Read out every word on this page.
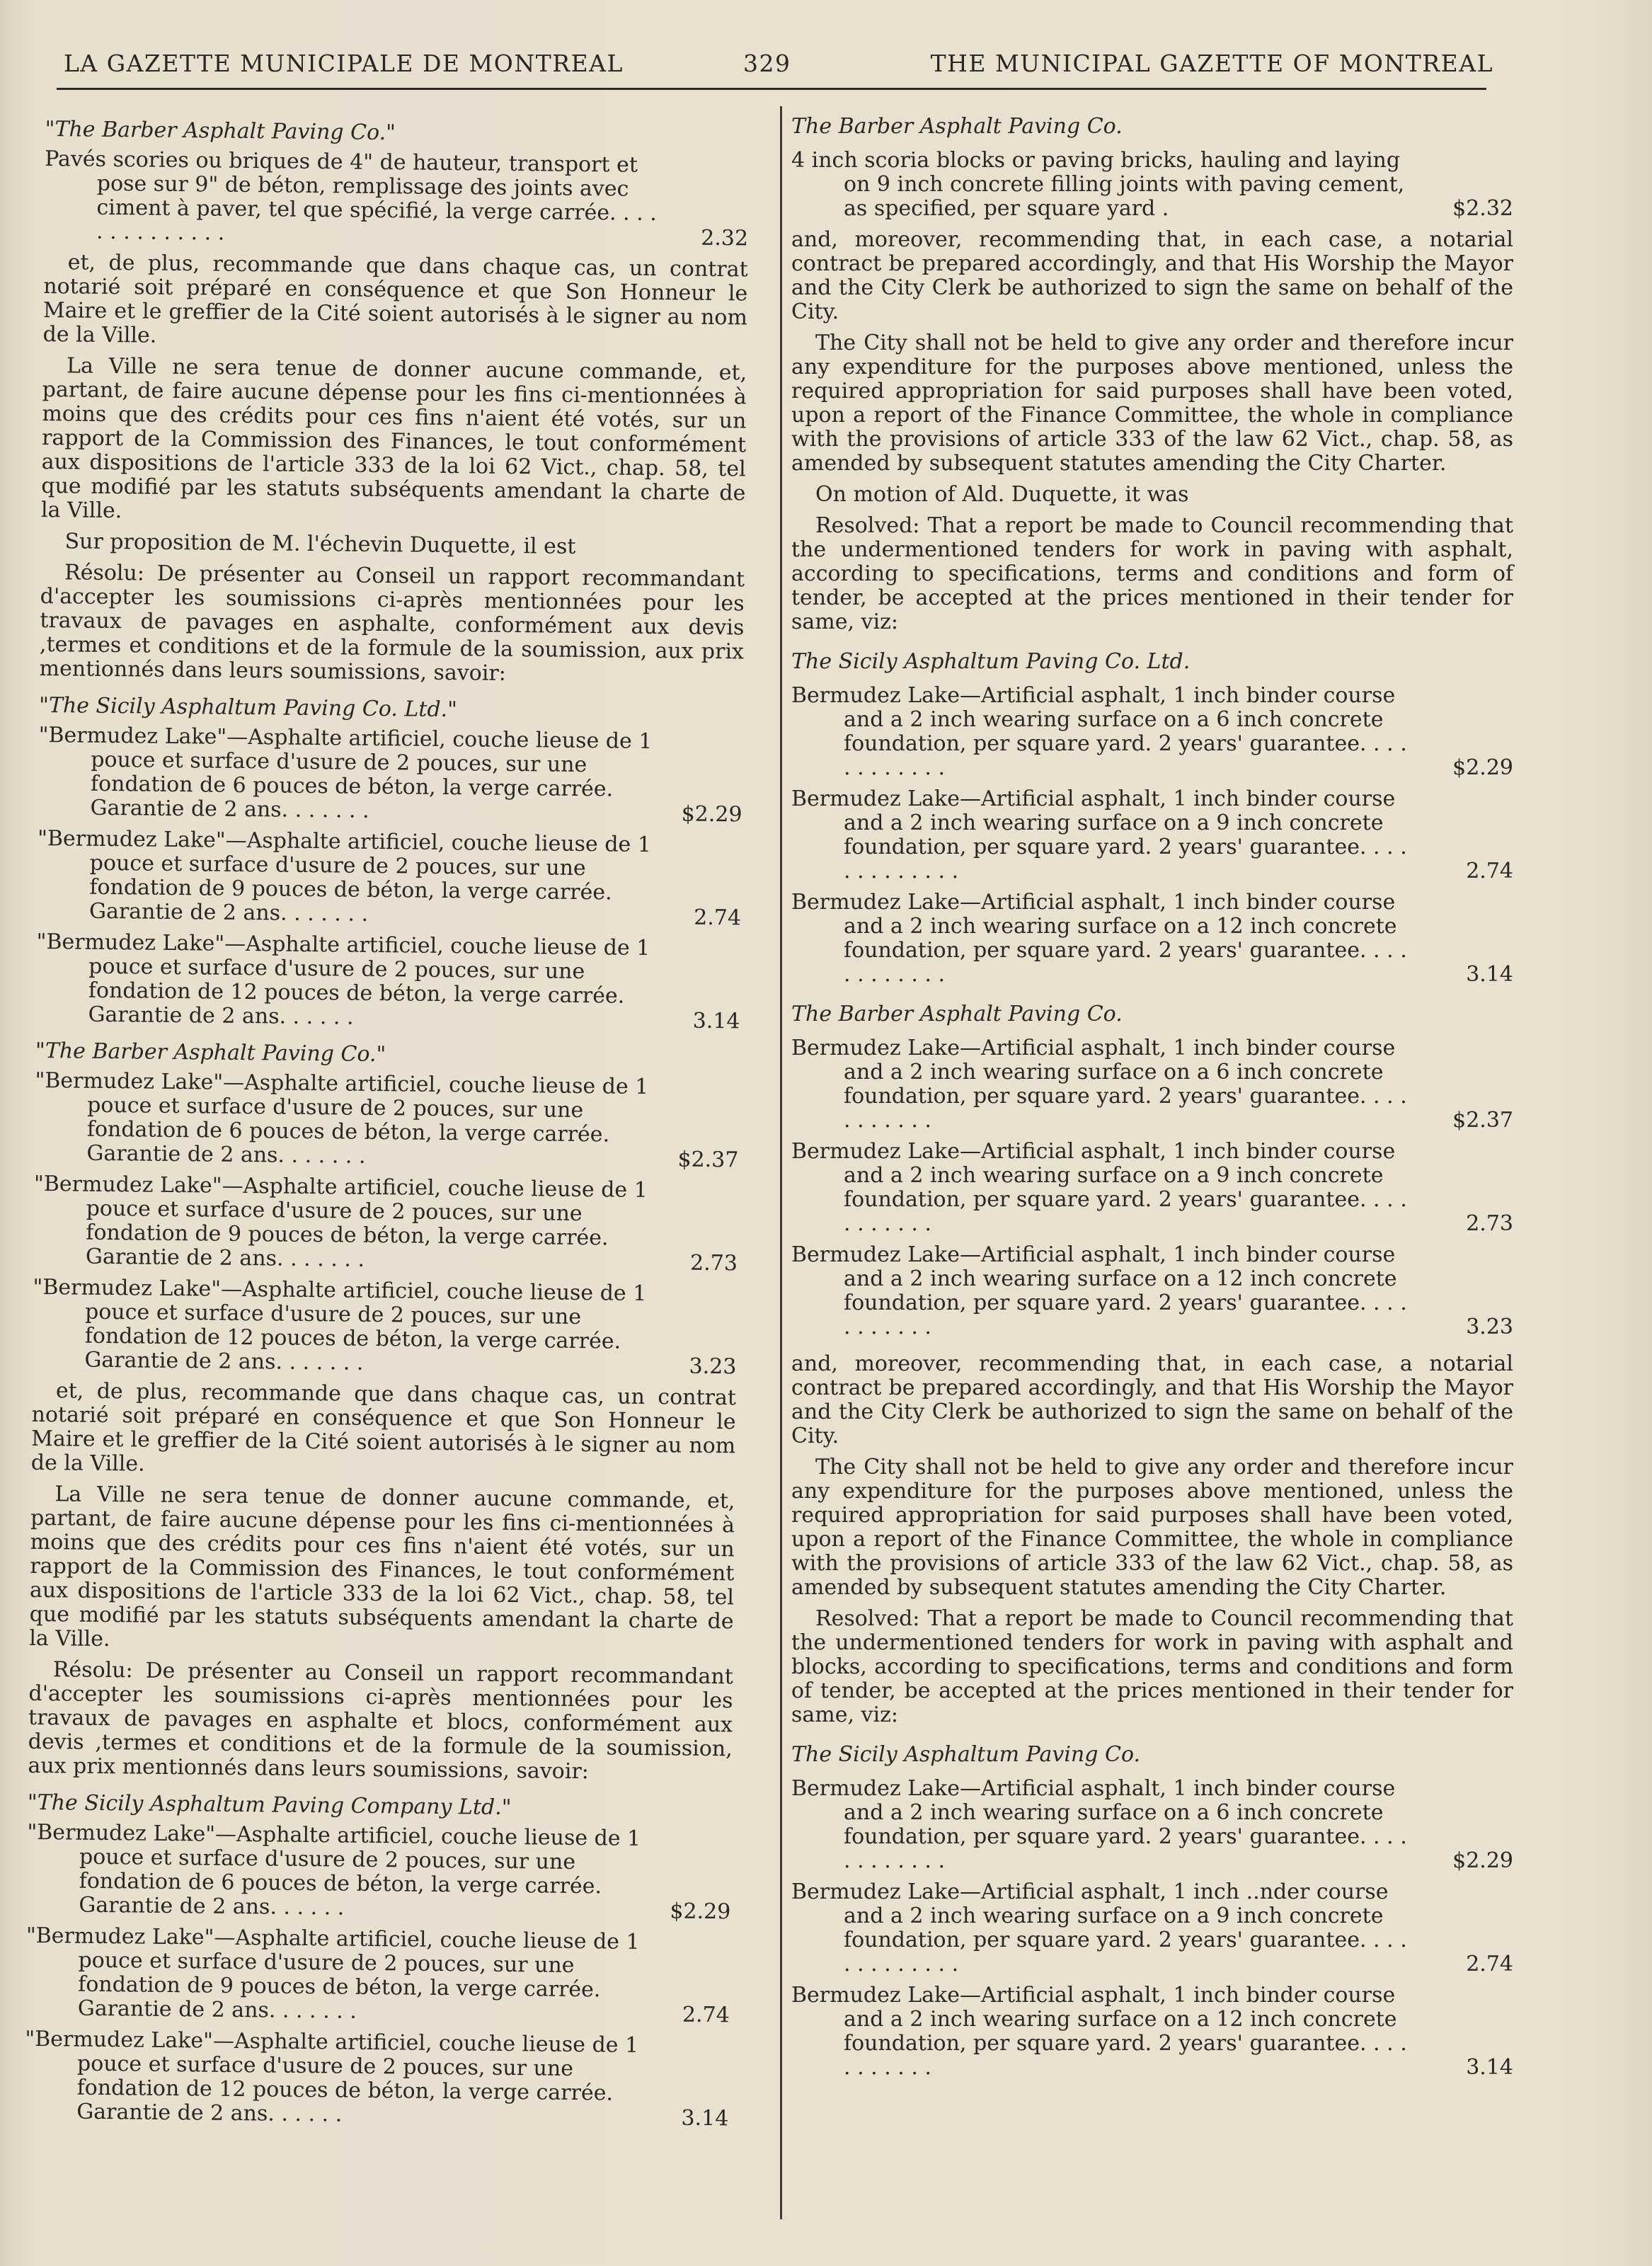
LA GAZETTE MUNICIPALE DE MONTREAL	329	THE MUNICIPAL GAZETTE OF MONTREAL

"The Barber Asphalt Paving Co."

Pavés scories ou briques de 4" de hauteur, transport et pose sur 9" de béton, remplissage des joints avec ciment à paver, tel que spécifié, la verge carrée. . . . . . . . . . . . . .	2.32

et, de plus, recommande que dans chaque cas, un contrat notarié soit préparé en conséquence et que Son Honneur le Maire et le greffier de la Cité soient autorisés à le signer au nom de la Ville.

La Ville ne sera tenue de donner aucune commande, et, partant, de faire aucune dépense pour les fins ci-mentionnées à moins que des crédits pour ces fins n'aient été votés, sur un rapport de la Commission des Finances, le tout conformément aux dispositions de l'article 333 de la loi 62 Vict., chap. 58, tel que modifié par les statuts subséquents amendant la charte de la Ville.

Sur proposition de M. l'échevin Duquette, il est

Résolu: De présenter au Conseil un rapport recommandant d'accepter les soumissions ci-après mentionnées pour les travaux de pavages en asphalte, conformément aux devis ,termes et conditions et de la formule de la soumission, aux prix mentionnés dans leurs soumissions, savoir:

"The Sicily Asphaltum Paving Co. Ltd."

"Bermudez Lake"—Asphalte artificiel, couche lieuse de 1 pouce et surface d'usure de 2 pouces, sur une fondation de 6 pouces de béton, la verge carrée. Garantie de 2 ans. . . . . . .	$2.29
"Bermudez Lake"—Asphalte artificiel, couche lieuse de 1 pouce et surface d'usure de 2 pouces, sur une fondation de 9 pouces de béton, la verge carrée. Garantie de 2 ans. . . . . . .	2.74
"Bermudez Lake"—Asphalte artificiel, couche lieuse de 1 pouce et surface d'usure de 2 pouces, sur une fondation de 12 pouces de béton, la verge carrée. Garantie de 2 ans. . . . . .	3.14

"The Barber Asphalt Paving Co."

"Bermudez Lake"—Asphalte artificiel, couche lieuse de 1 pouce et surface d'usure de 2 pouces, sur une fondation de 6 pouces de béton, la verge carrée. Garantie de 2 ans. . . . . . .	$2.37
"Bermudez Lake"—Asphalte artificiel, couche lieuse de 1 pouce et surface d'usure de 2 pouces, sur une fondation de 9 pouces de béton, la verge carrée. Garantie de 2 ans. . . . . . .	2.73
"Bermudez Lake"—Asphalte artificiel, couche lieuse de 1 pouce et surface d'usure de 2 pouces, sur une fondation de 12 pouces de béton, la verge carrée. Garantie de 2 ans. . . . . . .	3.23

et, de plus, recommande que dans chaque cas, un contrat notarié soit préparé en conséquence et que Son Honneur le Maire et le greffier de la Cité soient autorisés à le signer au nom de la Ville.

La Ville ne sera tenue de donner aucune commande, et, partant, de faire aucune dépense pour les fins ci-mentionnées à moins que des crédits pour ces fins n'aient été votés, sur un rapport de la Commission des Finances, le tout conformément aux dispositions de l'article 333 de la loi 62 Vict., chap. 58, tel que modifié par les statuts subséquents amendant la charte de la Ville.

Résolu: De présenter au Conseil un rapport recommandant d'accepter les soumissions ci-après mentionnées pour les travaux de pavages en asphalte et blocs, conformément aux devis ,termes et conditions et de la formule de la soumission, aux prix mentionnés dans leurs soumissions, savoir:

"The Sicily Asphaltum Paving Company Ltd."

"Bermudez Lake"—Asphalte artificiel, couche lieuse de 1 pouce et surface d'usure de 2 pouces, sur une fondation de 6 pouces de béton, la verge carrée. Garantie de 2 ans. . . . . .	$2.29
"Bermudez Lake"—Asphalte artificiel, couche lieuse de 1 pouce et surface d'usure de 2 pouces, sur une fondation de 9 pouces de béton, la verge carrée. Garantie de 2 ans. . . . . . .	2.74
"Bermudez Lake"—Asphalte artificiel, couche lieuse de 1 pouce et surface d'usure de 2 pouces, sur une fondation de 12 pouces de béton, la verge carrée. Garantie de 2 ans. . . . . .	3.14

The Barber Asphalt Paving Co.

4 inch scoria blocks or paving bricks, hauling and laying on 9 inch concrete filling joints with paving cement, as specified, per square yard .	$2.32

and, moreover, recommending that, in each case, a notarial contract be prepared accordingly, and that His Worship the Mayor and the City Clerk be authorized to sign the same on behalf of the City.

The City shall not be held to give any order and therefore incur any expenditure for the purposes above mentioned, unless the required appropriation for said purposes shall have been voted, upon a report of the Finance Committee, the whole in compliance with the provisions of article 333 of the law 62 Vict., chap. 58, as amended by subsequent statutes amending the City Charter.

On motion of Ald. Duquette, it was

Resolved: That a report be made to Council recommending that the undermentioned tenders for work in paving with asphalt, according to specifications, terms and conditions and form of tender, be accepted at the prices mentioned in their tender for same, viz:

The Sicily Asphaltum Paving Co. Ltd.

Bermudez Lake—Artificial asphalt, 1 inch binder course and a 2 inch wearing surface on a 6 inch concrete foundation, per square yard. 2 years' guarantee. . . . . . . . . . . .	$2.29
Bermudez Lake—Artificial asphalt, 1 inch binder course and a 2 inch wearing surface on a 9 inch concrete foundation, per square yard. 2 years' guarantee. . . . . . . . . . . . .	2.74
Bermudez Lake—Artificial asphalt, 1 inch binder course and a 2 inch wearing surface on a 12 inch concrete foundation, per square yard. 2 years' guarantee. . . . . . . . . . . .	3.14

The Barber Asphalt Paving Co.

Bermudez Lake—Artificial asphalt, 1 inch binder course and a 2 inch wearing surface on a 6 inch concrete foundation, per square yard. 2 years' guarantee. . . . . . . . . . .	$2.37
Bermudez Lake—Artificial asphalt, 1 inch binder course and a 2 inch wearing surface on a 9 inch concrete foundation, per square yard. 2 years' guarantee. . . . . . . . . . .	2.73
Bermudez Lake—Artificial asphalt, 1 inch binder course and a 2 inch wearing surface on a 12 inch concrete foundation, per square yard. 2 years' guarantee. . . . . . . . . . .	3.23

and, moreover, recommending that, in each case, a notarial contract be prepared accordingly, and that His Worship the Mayor and the City Clerk be authorized to sign the same on behalf of the City.

The City shall not be held to give any order and therefore incur any expenditure for the purposes above mentioned, unless the required appropriation for said purposes shall have been voted, upon a report of the Finance Committee, the whole in compliance with the provisions of article 333 of the law 62 Vict., chap. 58, as amended by subsequent statutes amending the City Charter.

Resolved: That a report be made to Council recommending that the undermentioned tenders for work in paving with asphalt and blocks, according to specifications, terms and conditions and form of tender, be accepted at the prices mentioned in their tender for same, viz:

The Sicily Asphaltum Paving Co.

Bermudez Lake—Artificial asphalt, 1 inch binder course and a 2 inch wearing surface on a 6 inch concrete foundation, per square yard. 2 years' guarantee. . . . . . . . . . . .	$2.29
Bermudez Lake—Artificial asphalt, 1 inch ..nder course and a 2 inch wearing surface on a 9 inch concrete foundation, per square yard. 2 years' guarantee. . . . . . . . . . . . .	2.74
Bermudez Lake—Artificial asphalt, 1 inch binder course and a 2 inch wearing surface on a 12 inch concrete foundation, per square yard. 2 years' guarantee. . . . . . . . . . .	3.14
